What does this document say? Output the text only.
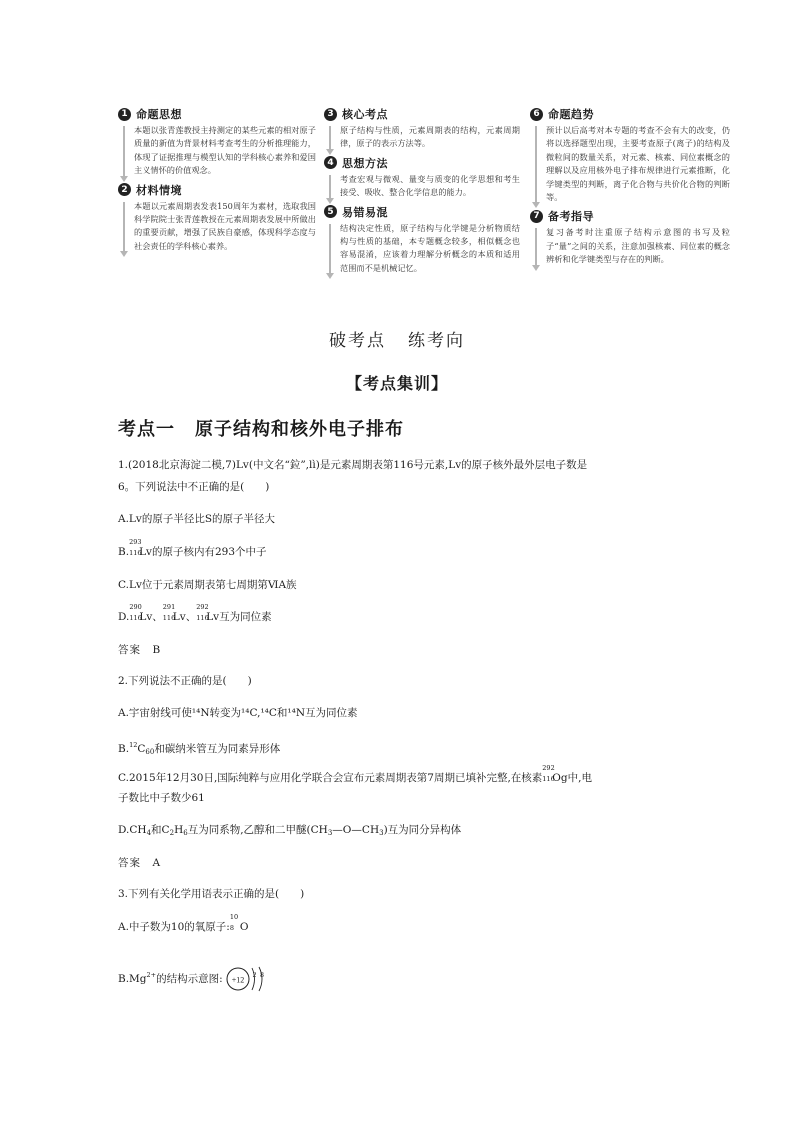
1 命题思想
本题以张青莲教授主持测定的某些元素的相对原子质量的新值为背景材料考查考生的分析推理能力，体现了证据推理与模型认知的学科核心素养和爱国主义情怀的价值观念。
2 材料情境
本题以元素周期表发表150周年为素材，选取我国科学院院士张青莲教授在元素周期表发展中所做出的重要贡献，增强了民族自豪感，体现科学态度与社会责任的学科核心素养。
3 核心考点
原子结构与性质，元素周期表的结构，元素周期律，原子的表示方法等。
4 思想方法
考查宏观与微观、量变与质变的化学思想和考生接受、吸收、整合化学信息的能力。
5 易错易混
结构决定性质，原子结构与化学键是分析物质结构与性质的基础，本专题概念较多，相似概念也容易混淆，应该着力理解分析概念的本质和适用范围而不是机械记忆。
6 命题趋势
预计以后高考对本专题的考查不会有大的改变，仍将以选择题型出现，主要考查原子(离子)的结构及微粒间的数量关系，对元素、核素、同位素概念的理解以及应用核外电子排布规律进行元素推断，化学键类型的判断，离子化合物与共价化合物的判断等。
7 备考指导
复习备考时注重原子结构示意图的书写及粒子“量”之间的关系，注意加强核素、同位素的概念辨析和化学键类型与存在的判断。
破考点 练考向
【考点集训】
考点一 原子结构和核外电子排布
1.(2018北京海淀二模,7)Lv(中文名“鉝”,lì)是元素周期表第116号元素,Lv的原子核外最外层电子数是
6。下列说法中不正确的是(　　)
A.Lv的原子半径比S的原子半径大
B.
293
116
Lv的原子核内有293个中子
C.Lv位于元素周期表第七周期第ⅥA族
D.
290
116
Lv、
291
116
Lv、
292
116
Lv互为同位素
答案　B
2.下列说法不正确的是(　　)
A.宇宙射线可使¹⁴N转变为¹⁴C,¹⁴C和¹⁴N互为同位素
B.$^{12}$C60和碳纳米管互为同素异形体
C.2015年12月30日,国际纯粹与应用化学联合会宣布元素周期表第7周期已填补完整,在核素
292
116
Og中,电
子数比中子数少61
D.CH4和C2H6互为同系物,乙醇和二甲醚(CH3—O—CH3)互为同分异构体
答案　A
3.下列有关化学用语表示正确的是(　　)
A.中子数为10的氧原子:
10
8 O
$B.Mg^{2+}$的结构示意图: +12
2 8
